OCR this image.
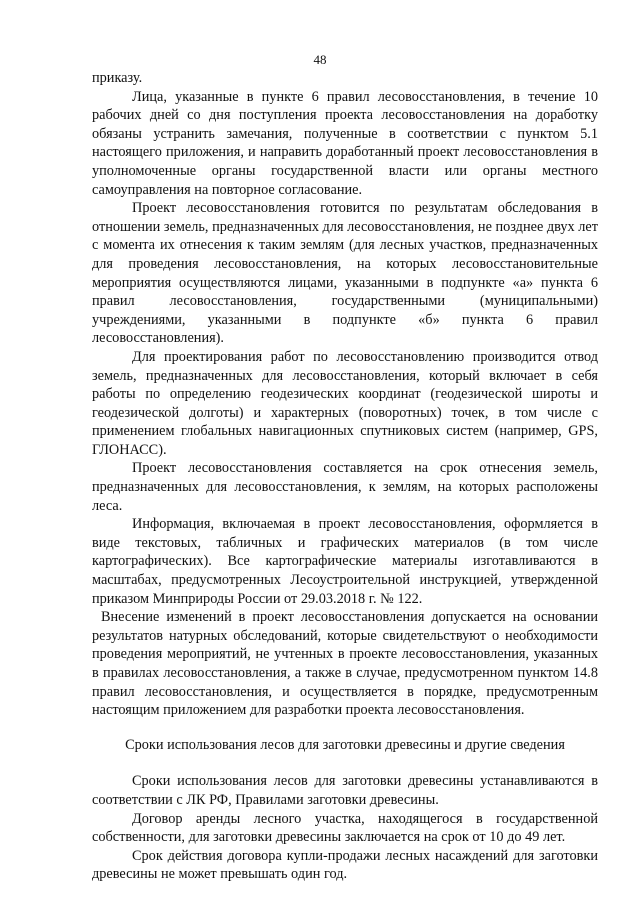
48

приказу.

Лица, указанные в пункте 6 правил лесовосстановления, в течение 10 рабочих дней со дня поступления проекта лесовосстановления на доработку обязаны устранить замечания, полученные в соответствии с пунктом 5.1 настоящего приложения, и направить доработанный проект лесовосстановления в уполномоченные органы государственной власти или органы местного самоуправления на повторное согласование.

Проект лесовосстановления готовится по результатам обследования в отношении земель, предназначенных для лесовосстановления, не позднее двух лет с момента их отнесения к таким землям (для лесных участков, предназначенных для проведения лесовосстановления, на которых лесовосстановительные мероприятия осуществляются лицами, указанными в подпункте «а» пункта 6 правил лесовосстановления, государственными (муниципальными) учреждениями, указанными в подпункте «б» пункта 6 правил лесовосстановления).

Для проектирования работ по лесовосстановлению производится отвод земель, предназначенных для лесовосстановления, который включает в себя работы по определению геодезических координат (геодезической широты и геодезической долготы) и характерных (поворотных) точек, в том числе с применением глобальных навигационных спутниковых систем (например, GPS, ГЛОНАСС).

Проект лесовосстановления составляется на срок отнесения земель, предназначенных для лесовосстановления, к землям, на которых расположены леса.

Информация, включаемая в проект лесовосстановления, оформляется в виде текстовых, табличных и графических материалов (в том числе картографических). Все картографические материалы изготавливаются в масштабах, предусмотренных Лесоустроительной инструкцией, утвержденной приказом Минприроды России от 29.03.2018 г. № 122.

Внесение изменений в проект лесовосстановления допускается на основании результатов натурных обследований, которые свидетельствуют о необходимости проведения мероприятий, не учтенных в проекте лесовосстановления, указанных в правилах лесовосстановления, а также в случае, предусмотренном пунктом 14.8 правил лесовосстановления, и осуществляется в порядке, предусмотренным настоящим приложением для разработки проекта лесовосстановления.

Сроки использования лесов для заготовки древесины и другие сведения

Сроки использования лесов для заготовки древесины устанавливаются в соответствии с ЛК РФ, Правилами заготовки древесины.

Договор аренды лесного участка, находящегося в государственной собственности, для заготовки древесины заключается на срок от 10 до 49 лет.

Срок действия договора купли-продажи лесных насаждений для заготовки древесины не может превышать один год.
